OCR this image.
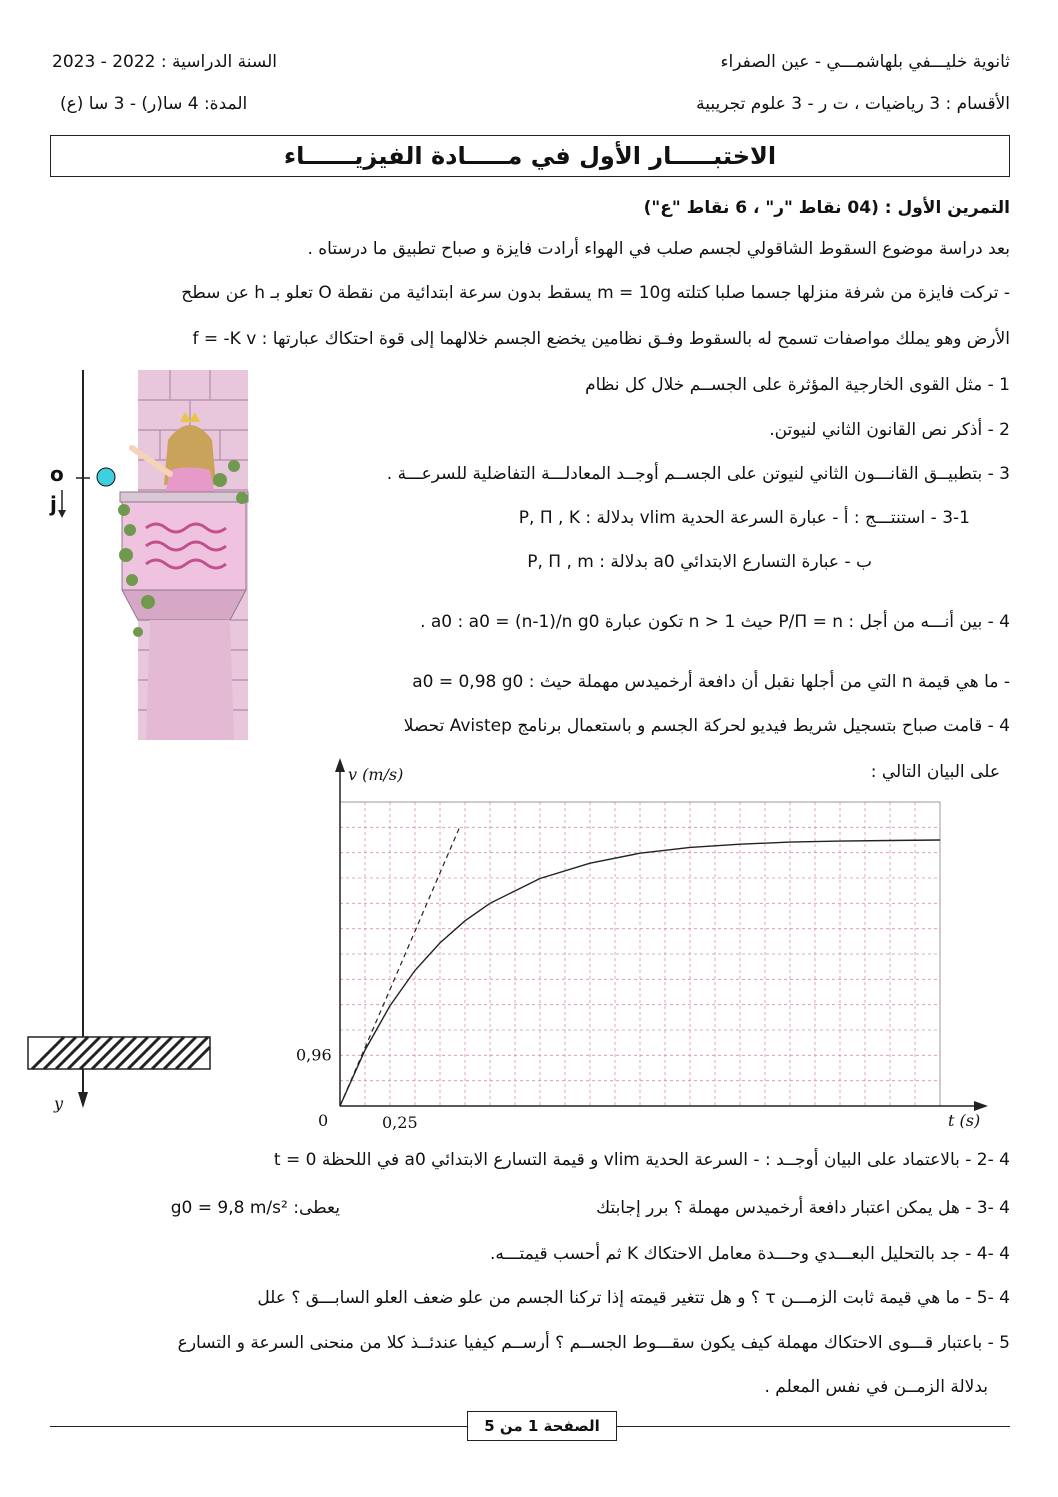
ثانوية خليـــفي بلهاشمـــي - عين الصفراء
السنة الدراسية : 2022 - 2023
الأقسام : 3 رياضيات ، ت ر - 3 علوم تجريبية
المدة: 4 سا(ر) - 3 سا (ع)
الاختبـــــار الأول في مـــــادة الفيزيــــــاء
التمرين الأول : (04 نقاط "ر" ، 6 نقاط "ع")
بعد دراسة موضوع السقوط الشاقولي لجسم صلب في الهواء أرادت فايزة و صباح تطبيق ما درستاه .
- تركت فايزة من شرفة منزلها جسما صلبا كتلته m = 10g يسقط بدون سرعة ابتدائية من نقطة O تعلو بـ h عن سطح
الأرض وهو يملك مواصفات تسمح له بالسقوط وفـق نظامين يخضع الجسم خلالهما إلى قوة احتكاك عبارتها : f = -K v
1 - مثل القوى الخارجية المؤثرة على الجســم خلال كل نظام
2 - أذكر نص القانون الثاني لنيوتن.
3 - بتطبيــق القانـــون الثاني لنيوتن على الجســم أوجــد المعادلـــة التفاضلية للسرعـــة .
3-1 - استنتـــج : أ - عبارة السرعة الحدية vlim بدلالة : P, Π , K
ب - عبارة التسارع الابتدائي a0 بدلالة : P, Π , m
4 - بين أنـــه من أجل : P/Π = n حيث n > 1 تكون عبارة a0 : a0 = (n-1)/n g0 .
- ما هي قيمة n التي من أجلها نقبل أن دافعة أرخميدس مهملة حيث : a0 = 0,98 g0
4 - قامت صباح بتسجيل شريط فيديو لحركة الجسم و باستعمال برنامج Avistep تحصلا
على البيان التالي :
o
j
y
v (m/s)
t (s)
0	0,25
0,96
4 -2 - بالاعتماد على البيان أوجــد : - السرعة الحدية vlim و قيمة التسارع الابتدائي a0 في اللحظة t = 0
4 -3 - هل يمكن اعتبار دافعة أرخميدس مهملة ؟ برر إجابتك
يعطى: g0 = 9,8 m/s²
4 -4 - جد بالتحليل البعـــدي وحـــدة معامل الاحتكاك K ثم أحسب قيمتـــه.
4 -5 - ما هي قيمة ثابت الزمـــن τ ؟ و هل تتغير قيمته إذا تركنا الجسم من علو ضعف العلو السابـــق ؟ علل
5 - باعتبار قـــوى الاحتكاك مهملة كيف يكون سقـــوط الجســم ؟ أرســم كيفيا عندئــذ كلا من منحنى السرعة و التسارع
بدلالة الزمــن في نفس المعلم .
الصفحة 1 من 5
